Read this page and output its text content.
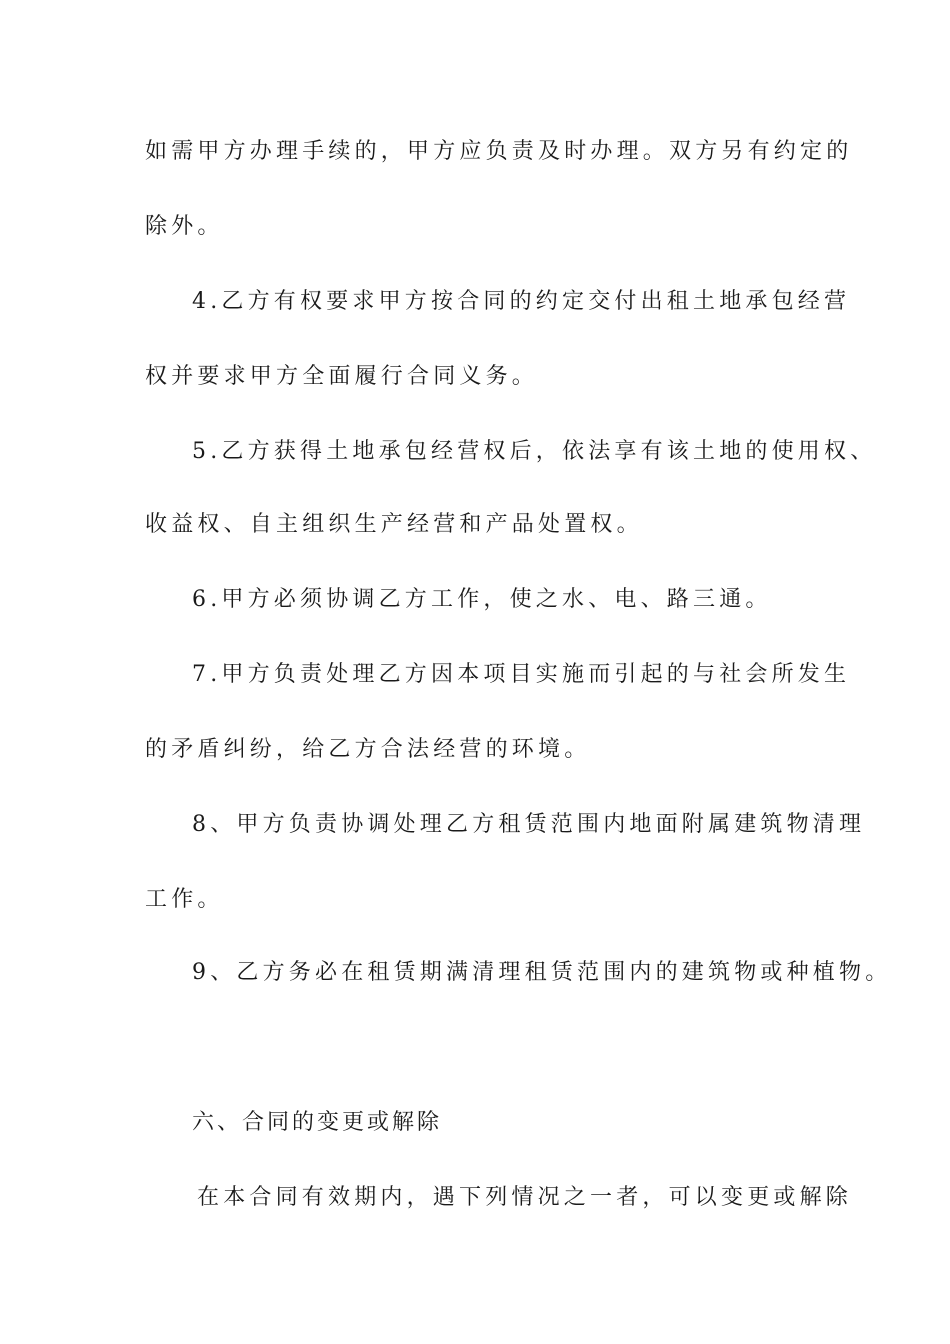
如需甲方办理手续的，甲方应负责及时办理。双方另有约定的
除外。
4.乙方有权要求甲方按合同的约定交付出租土地承包经营
权并要求甲方全面履行合同义务。
5.乙方获得土地承包经营权后，依法享有该土地的使用权、
收益权、自主组织生产经营和产品处置权。
6.甲方必须协调乙方工作，使之水、电、路三通。
7.甲方负责处理乙方因本项目实施而引起的与社会所发生
的矛盾纠纷，给乙方合法经营的环境。
8、甲方负责协调处理乙方租赁范围内地面附属建筑物清理
工作。
9、乙方务必在租赁期满清理租赁范围内的建筑物或种植物。
六、合同的变更或解除
在本合同有效期内，遇下列情况之一者，可以变更或解除
